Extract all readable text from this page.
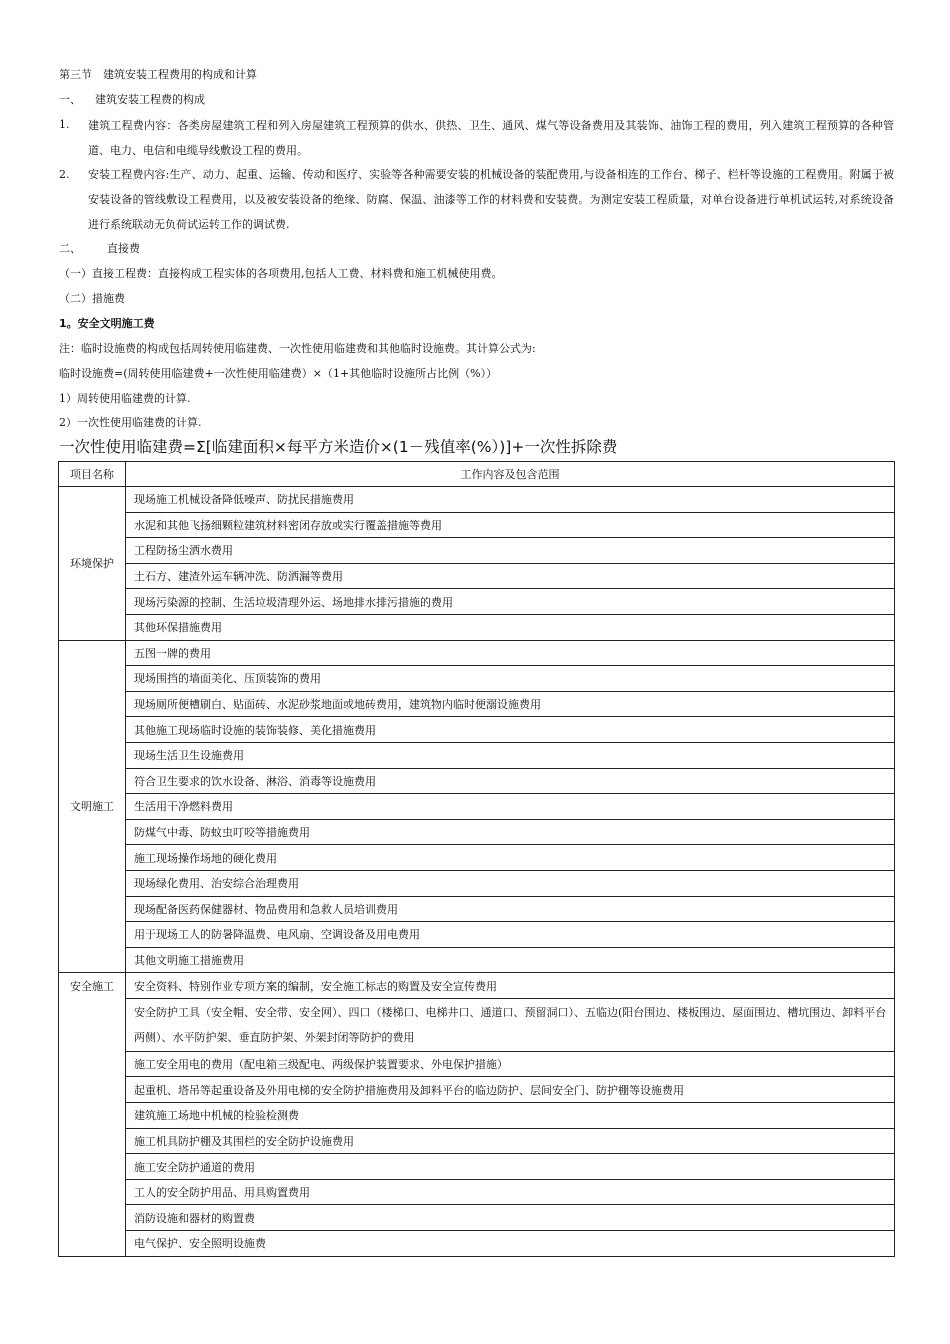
第三节　建筑安装工程费用的构成和计算
一、 建筑安装工程费的构成
1.	建筑工程费内容：各类房屋建筑工程和列入房屋建筑工程预算的供水、供热、卫生、通风、煤气等设备费用及其装饰、油饰工程的费用，列入建筑工程预算的各种管道、电力、电信和电缆导线敷设工程的费用。
2.	安装工程费内容:生产、动力、起重、运输、传动和医疗、实验等各种需要安装的机械设备的装配费用,与设备相连的工作台、梯子、栏杆等设施的工程费用。附属于被安装设备的管线敷设工程费用，以及被安装设备的绝缘、防腐、保温、油漆等工作的材料费和安装费。为测定安装工程质量，对单台设备进行单机试运转,对系统设备进行系统联动无负荷试运转工作的调试费.
二、 直接费
（一）直接工程费：直接构成工程实体的各项费用,包括人工费、材料费和施工机械使用费。
（二）措施费
1。安全文明施工费
注：临时设施费的构成包括周转使用临建费、一次性使用临建费和其他临时设施费。其计算公式为:
临时设施费=(周转使用临建费+一次性使用临建费）×（1+其他临时设施所占比例（%））
1）周转使用临建费的计算.
2）一次性使用临建费的计算.
一次性使用临建费=Σ[临建面积×每平方米造价×(1－残值率(%）)]+一次性拆除费
项目名称	工作内容及包含范围
环境保护	现场施工机械设备降低噪声、防扰民措施费用
	水泥和其他飞扬细颗粒建筑材料密闭存放或实行覆盖措施等费用
	工程防扬尘洒水费用
	土石方、建渣外运车辆冲洗、防洒漏等费用
	现场污染源的控制、生活垃圾清理外运、场地排水排污措施的费用
	其他环保措施费用
文明施工	五图一牌的费用
	现场围挡的墙面美化、压顶装饰的费用
	现场厕所便槽刷白、贴面砖、水泥砂浆地面或地砖费用，建筑物内临时便溺设施费用
	其他施工现场临时设施的装饰装修、美化措施费用
	现场生活卫生设施费用
	符合卫生要求的饮水设备、淋浴、消毒等设施费用
	生活用干净燃料费用
	防煤气中毒、防蚊虫叮咬等措施费用
	施工现场操作场地的硬化费用
	现场绿化费用、治安综合治理费用
	现场配备医药保健器材、物品费用和急救人员培训费用
	用于现场工人的防暑降温费、电风扇、空调设备及用电费用
	其他文明施工措施费用
安全施工	安全资料、特别作业专项方案的编制，安全施工标志的购置及安全宣传费用
	安全防护工具（安全帽、安全带、安全网）、四口（楼梯口、电梯井口、通道口、预留洞口）、五临边(阳台围边、楼板围边、屋面围边、槽坑围边、卸料平台两侧）、水平防护架、垂直防护架、外架封闭等防护的费用
	施工安全用电的费用（配电箱三级配电、两级保护装置要求、外电保护措施）
	起重机、塔吊等起重设备及外用电梯的安全防护措施费用及卸料平台的临边防护、层间安全门、防护棚等设施费用
	建筑施工场地中机械的检验检测费
	施工机具防护棚及其围栏的安全防护设施费用
	施工安全防护通道的费用
	工人的安全防护用品、用具购置费用
	消防设施和器材的购置费
	电气保护、安全照明设施费
